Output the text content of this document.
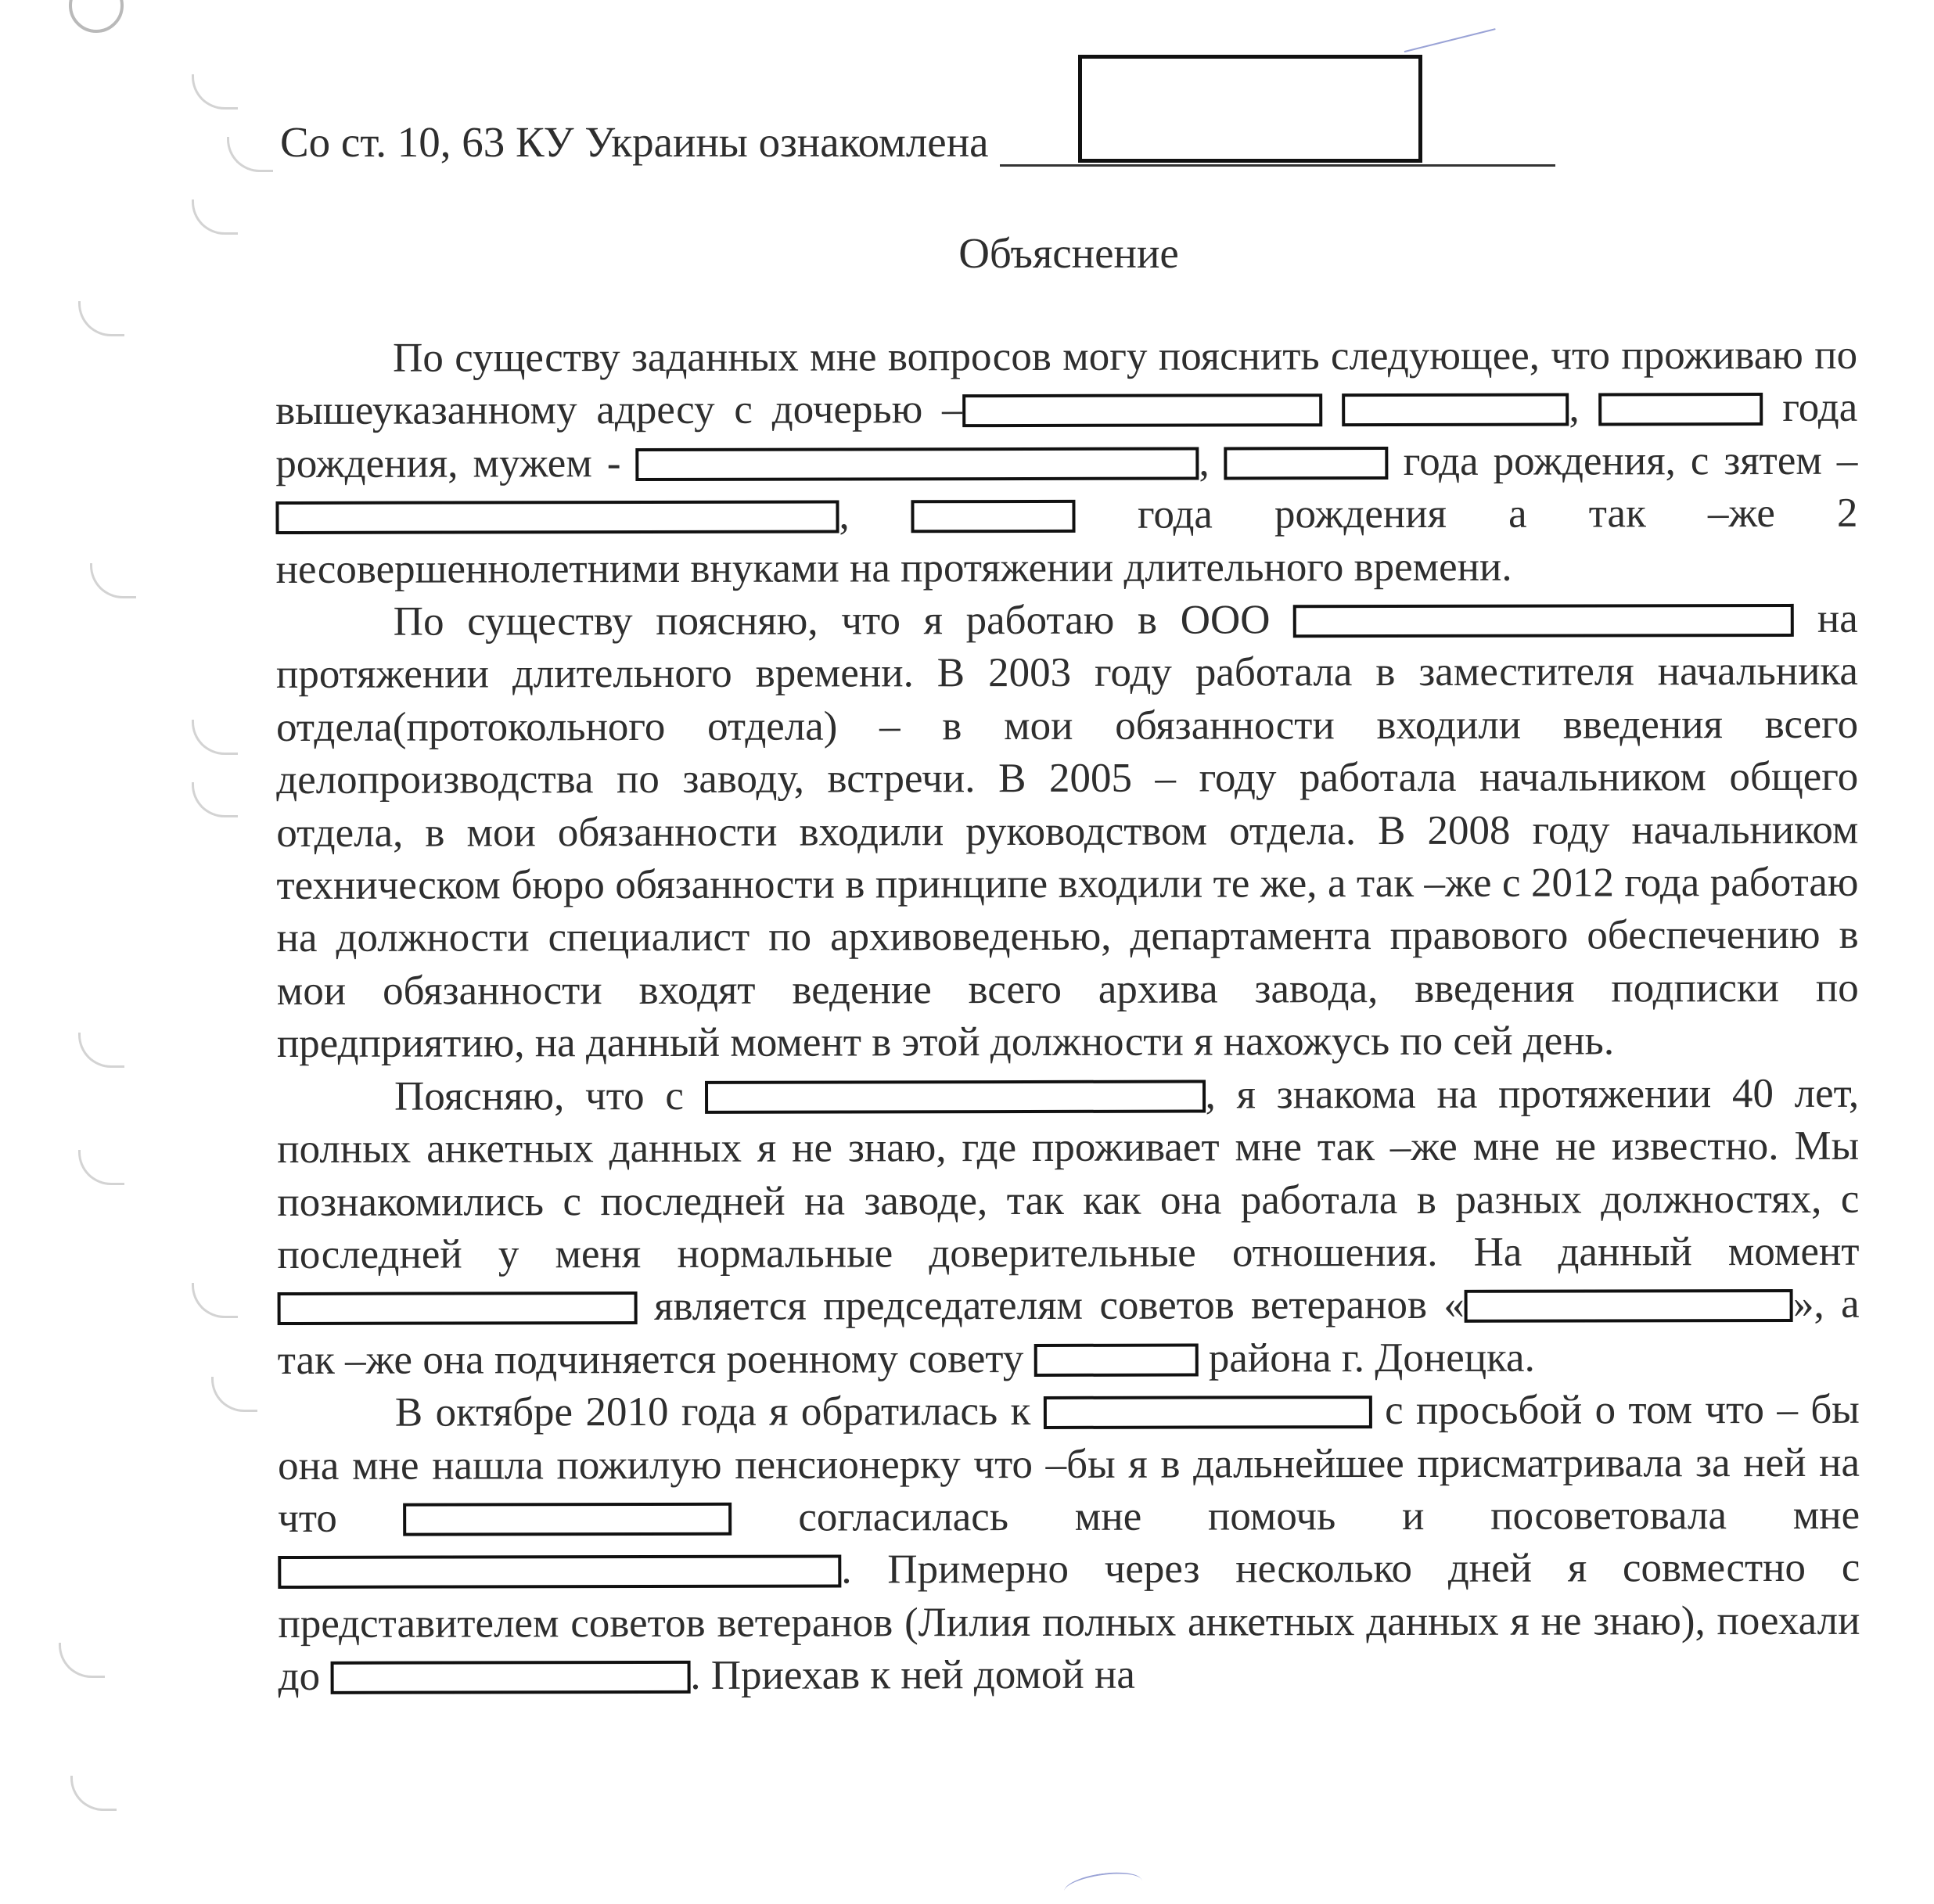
Со ст. 10, 63 КУ Украины ознакомлена
Объяснение

По существу заданных мне вопросов могу пояснить следующее, что проживаю по вышеуказанному адресу с дочерью –	,	года рождения, мужем -	,	года рождения, с зятем – ,	года рождения а так –же 2 несовершеннолетними внуками на протяжении длительного времени.

По существу поясняю, что я работаю в ООО	на протяжении длительного времени. В 2003 году работала в заместителя начальника отдела(протокольного отдела) – в мои обязанности входили введения всего делопроизводства по заводу, встречи. В 2005 – году работала начальником общего отдела, в мои обязанности входили руководством отдела. В 2008 году начальником техническом бюро обязанности в принципе входили те же, а так –же с 2012 года работаю на должности специалист по архивоведенью, департамента правового обеспечению в мои обязанности входят ведение всего архива завода, введения подписки по предприятию, на данный момент в этой должности я нахожусь по сей день.

Поясняю, что с	, я знакома на протяжении 40 лет, полных анкетных данных я не знаю, где проживает мне так –же мне не известно. Мы познакомились с последней на заводе, так как она работала в разных должностях, с последней у меня нормальные доверительные отношения. На данный момент  является председателям советов ветеранов «	», а так –же она подчиняется роенному совету	района г. Донецка.

В октябре 2010 года я обратилась к	с просьбой о том что – бы она мне нашла пожилую пенсионерку что –бы я в дальнейшее присматривала за ней на что	согласилась мне помочь и посоветовала мне . Примерно через несколько дней я совместно с представителем советов ветеранов (Лилия полных анкетных данных я не знаю), поехали до	. Приехав к ней домой на
